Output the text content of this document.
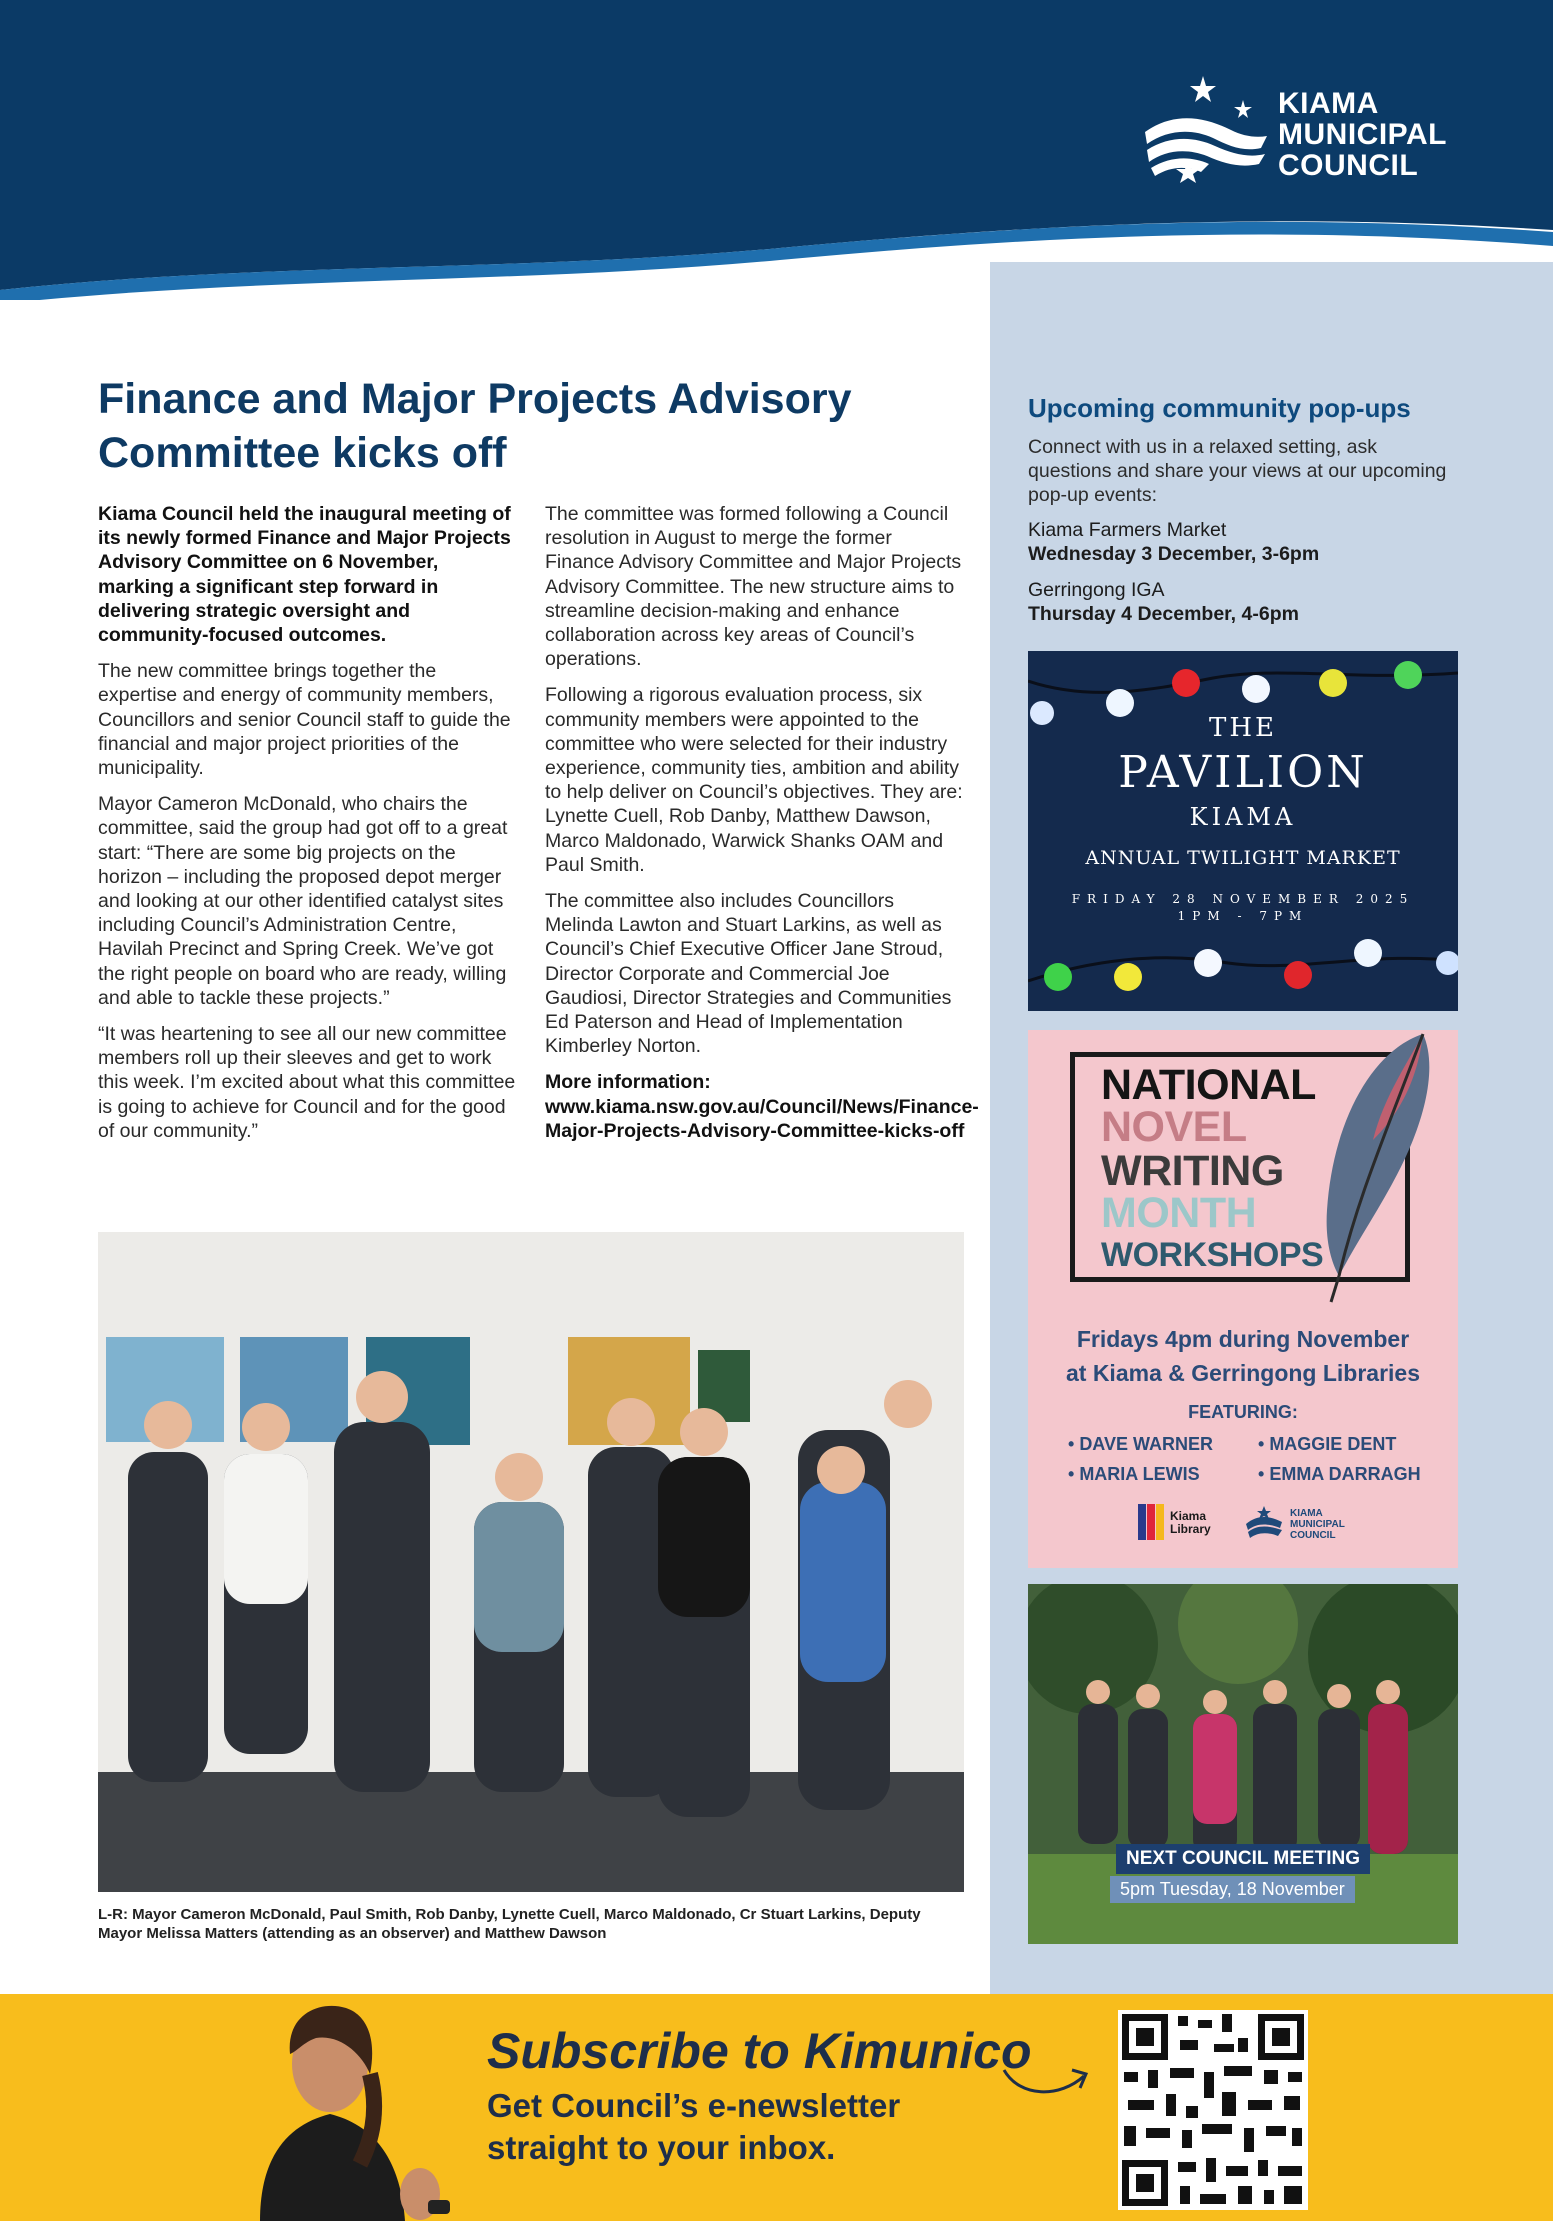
KIAMA
MUNICIPAL
COUNCIL
Finance and Major Projects Advisory Committee kicks off

Kiama Council held the inaugural meeting of its newly formed Finance and Major Projects Advisory Committee on 6 November, marking a significant step forward in delivering strategic oversight and community-focused outcomes.

The new committee brings together the expertise and energy of community members, Councillors and senior Council staff to guide the financial and major project priorities of the municipality.

Mayor Cameron McDonald, who chairs the committee, said the group had got off to a great start: “There are some big projects on the horizon – including the proposed depot merger and looking at our other identified catalyst sites including Council’s Administration Centre, Havilah Precinct and Spring Creek. We’ve got the right people on board who are ready, willing and able to tackle these projects.”

“It was heartening to see all our new committee members roll up their sleeves and get to work this week. I’m excited about what this committee is going to achieve for Council and for the good of our community.”

The committee was formed following a Council resolution in August to merge the former Finance Advisory Committee and Major Projects Advisory Committee. The new structure aims to streamline decision-making and enhance collaboration across key areas of Council’s operations.

Following a rigorous evaluation process, six community members were appointed to the committee who were selected for their industry experience, community ties, ambition and ability to help deliver on Council’s objectives. They are: Lynette Cuell, Rob Danby, Matthew Dawson, Marco Maldonado, Warwick Shanks OAM and Paul Smith.

The committee also includes Councillors Melinda Lawton and Stuart Larkins, as well as Council’s Chief Executive Officer Jane Stroud, Director Corporate and Commercial Joe Gaudiosi, Director Strategies and Communities Ed Paterson and Head of Implementation Kimberley Norton.

More information: www.kiama.nsw.gov.au/Council/News/Finance-Major-Projects-Advisory-Committee-kicks-off

L-R: Mayor Cameron McDonald, Paul Smith, Rob Danby, Lynette Cuell, Marco Maldonado, Cr Stuart Larkins, Deputy Mayor Melissa Matters (attending as an observer) and Matthew Dawson

Upcoming community pop-ups

Connect with us in a relaxed setting, ask questions and share your views at our upcoming pop-up events:

Kiama Farmers Market
Wednesday 3 December, 3-6pm
Gerringong IGA
Thursday 4 December, 4-6pm
THE
PAVILION
KIAMA
ANNUAL TWILIGHT MARKET
FRIDAY 28 NOVEMBER 2025
1PM - 7PM
NATIONAL
NOVEL
WRITING
MONTH
WORKSHOPS
Fridays 4pm during November
at Kiama & Gerringong Libraries
FEATURING:
• DAVE WARNER	• MAGGIE DENT
• MARIA LEWIS	• EMMA DARRAGH
Kiama
Library
KIAMA
MUNICIPAL
COUNCIL
NEXT COUNCIL MEETING
5pm Tuesday, 18 November
Subscribe to Kimunico
Get Council’s e-newsletter
straight to your inbox.
